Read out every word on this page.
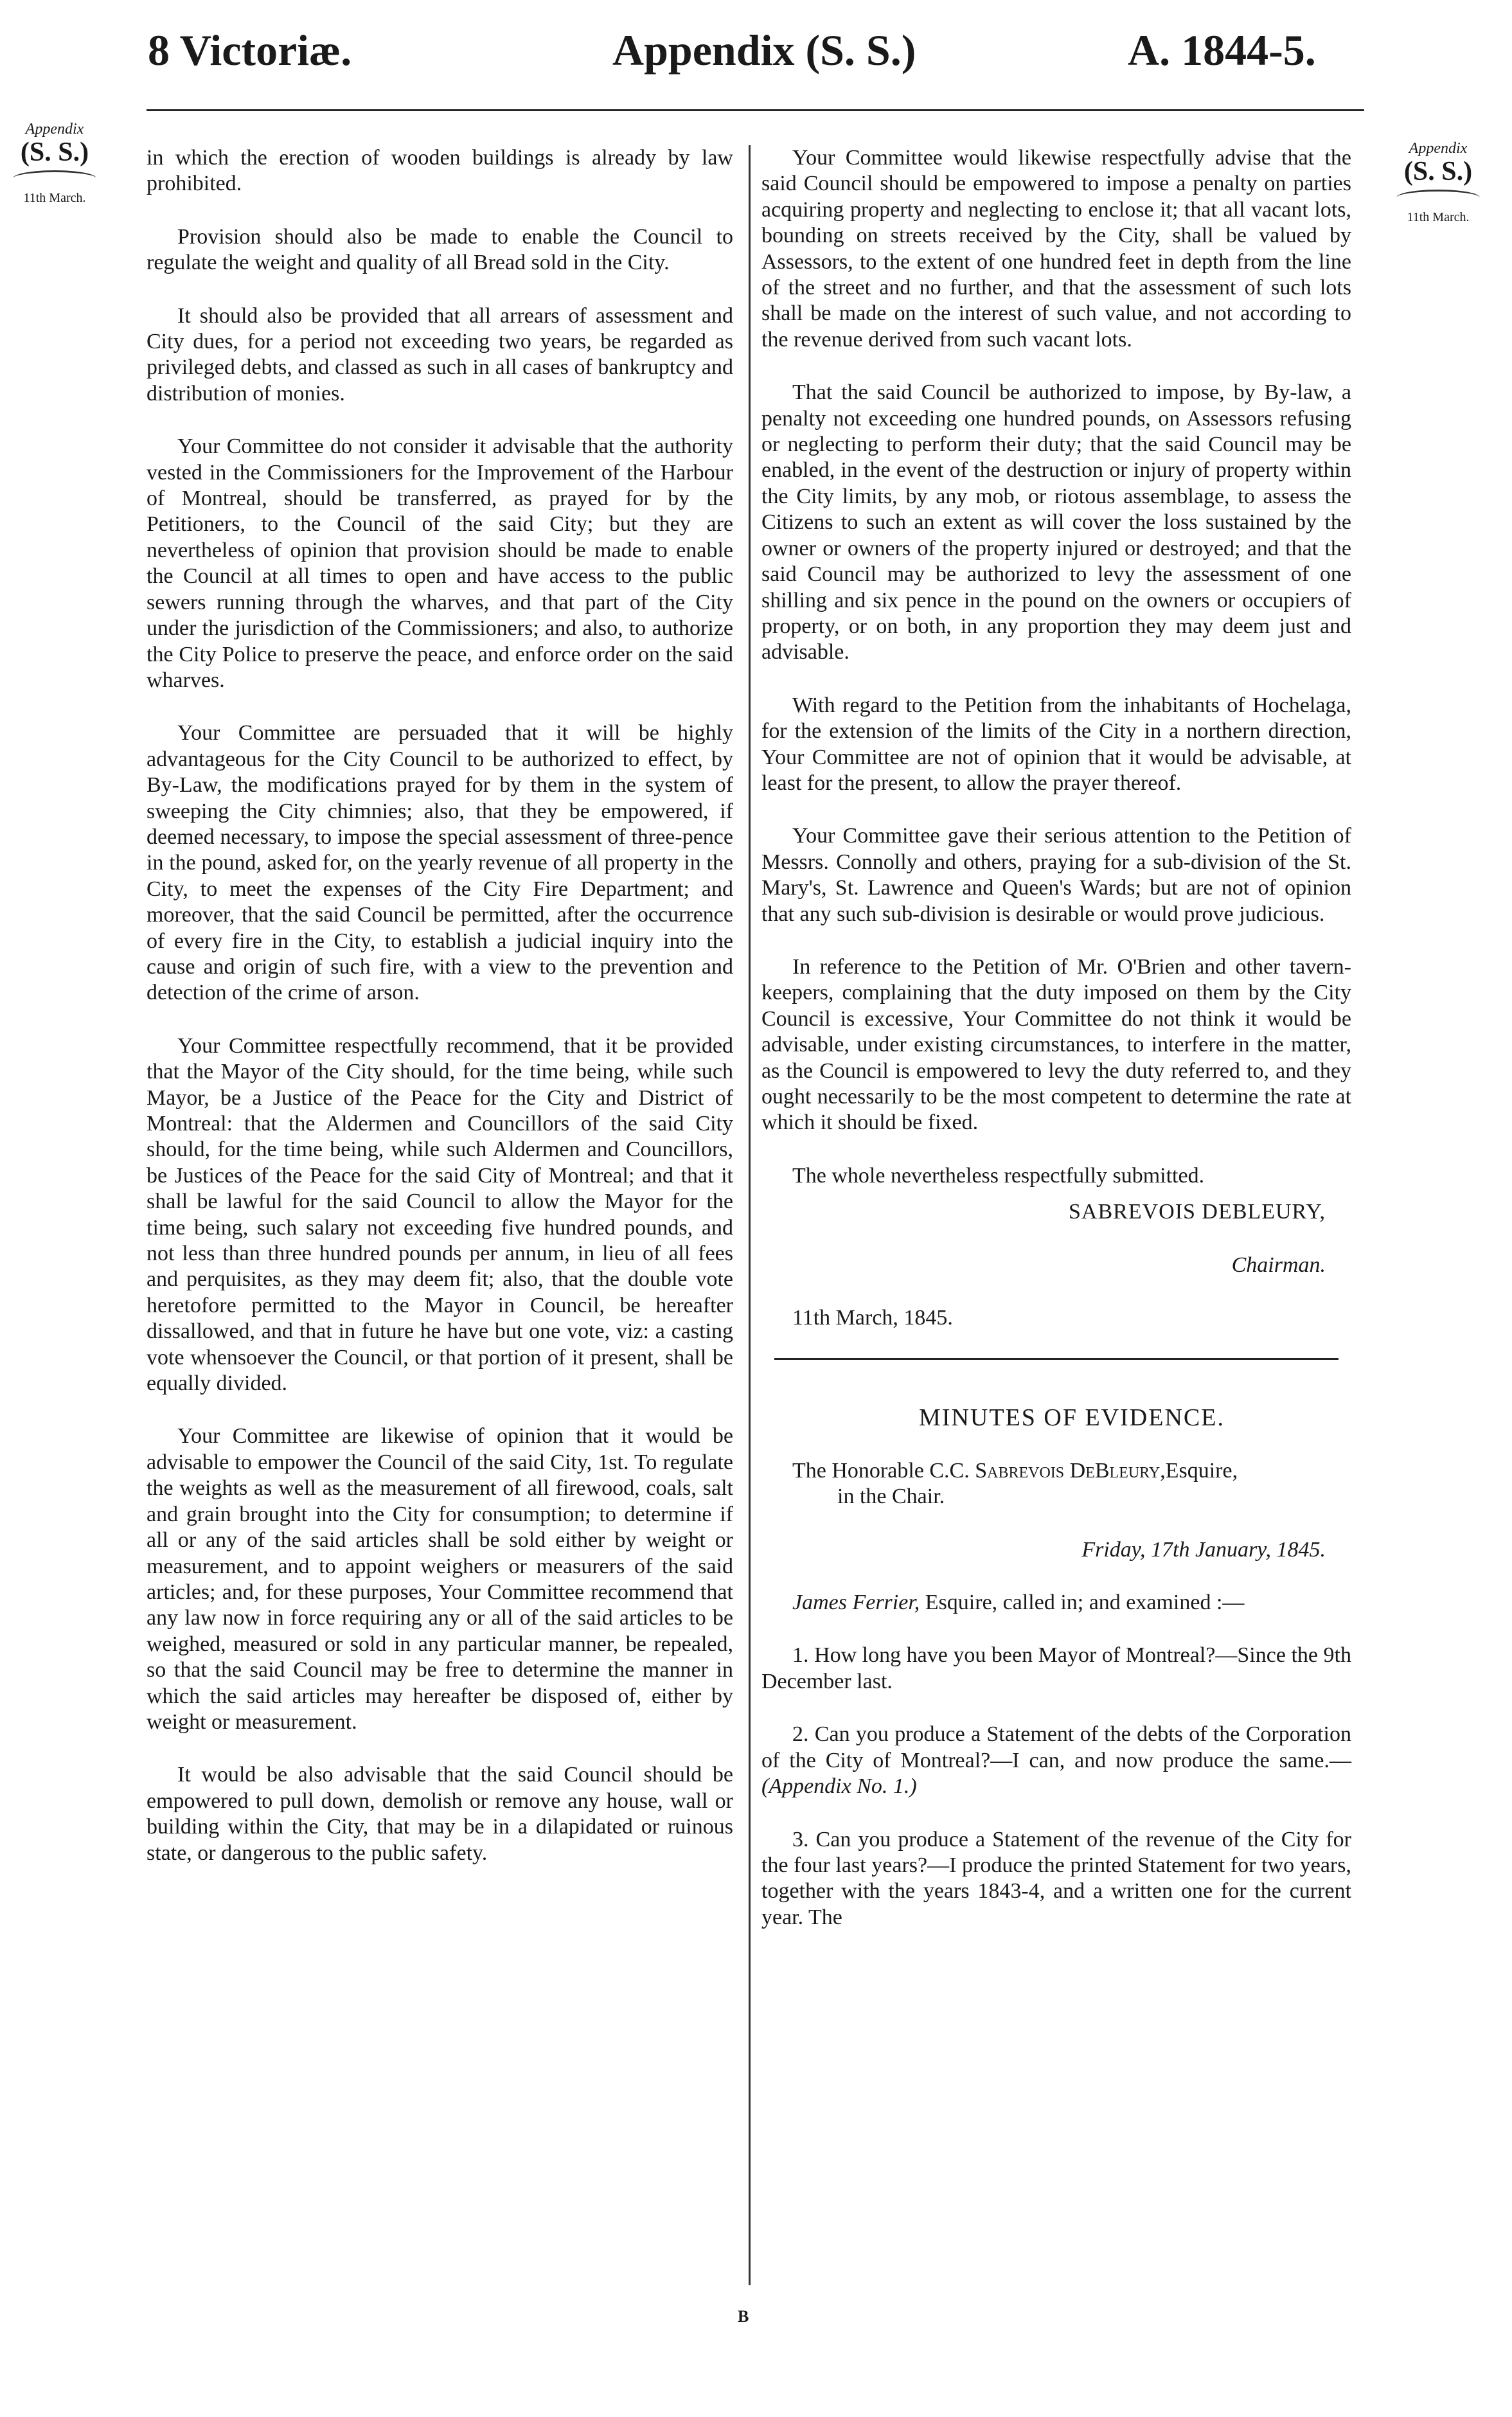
8 Victoriæ.	Appendix (S. S.)	A. 1844-5.
Appendix
(S. S.)
11th March.
Appendix
(S. S.)
11th March.

in which the erection of wooden buildings is already by law prohibited.

Provision should also be made to enable the Council to regulate the weight and quality of all Bread sold in the City.

It should also be provided that all arrears of assessment and City dues, for a period not exceeding two years, be regarded as privileged debts, and classed as such in all cases of bankruptcy and distribution of monies.

Your Committee do not consider it advisable that the authority vested in the Commissioners for the Improvement of the Harbour of Montreal, should be transferred, as prayed for by the Petitioners, to the Council of the said City; but they are nevertheless of opinion that provision should be made to enable the Council at all times to open and have access to the public sewers running through the wharves, and that part of the City under the jurisdiction of the Commissioners; and also, to authorize the City Police to preserve the peace, and enforce order on the said wharves.

Your Committee are persuaded that it will be highly advantageous for the City Council to be authorized to effect, by By-Law, the modifications prayed for by them in the system of sweeping the City chimnies; also, that they be empowered, if deemed necessary, to impose the special assessment of three-pence in the pound, asked for, on the yearly revenue of all property in the City, to meet the expenses of the City Fire Department; and moreover, that the said Council be permitted, after the occurrence of every fire in the City, to establish a judicial inquiry into the cause and origin of such fire, with a view to the prevention and detection of the crime of arson.

Your Committee respectfully recommend, that it be provided that the Mayor of the City should, for the time being, while such Mayor, be a Justice of the Peace for the City and District of Montreal: that the Aldermen and Councillors of the said City should, for the time being, while such Aldermen and Councillors, be Justices of the Peace for the said City of Montreal; and that it shall be lawful for the said Council to allow the Mayor for the time being, such salary not exceeding five hundred pounds, and not less than three hundred pounds per annum, in lieu of all fees and perquisites, as they may deem fit; also, that the double vote heretofore permitted to the Mayor in Council, be hereafter dissallowed, and that in future he have but one vote, viz: a casting vote whensoever the Council, or that portion of it present, shall be equally divided.

Your Committee are likewise of opinion that it would be advisable to empower the Council of the said City, 1st. To regulate the weights as well as the measurement of all firewood, coals, salt and grain brought into the City for consumption; to determine if all or any of the said articles shall be sold either by weight or measurement, and to appoint weighers or measurers of the said articles; and, for these purposes, Your Committee recommend that any law now in force requiring any or all of the said articles to be weighed, measured or sold in any particular manner, be repealed, so that the said Council may be free to determine the manner in which the said articles may hereafter be disposed of, either by weight or measurement.

It would be also advisable that the said Council should be empowered to pull down, demolish or remove any house, wall or building within the City, that may be in a dilapidated or ruinous state, or dangerous to the public safety.

Your Committee would likewise respectfully advise that the said Council should be empowered to impose a penalty on parties acquiring property and neglecting to enclose it; that all vacant lots, bounding on streets received by the City, shall be valued by Assessors, to the extent of one hundred feet in depth from the line of the street and no further, and that the assessment of such lots shall be made on the interest of such value, and not according to the revenue derived from such vacant lots.

That the said Council be authorized to impose, by By-law, a penalty not exceeding one hundred pounds, on Assessors refusing or neglecting to perform their duty; that the said Council may be enabled, in the event of the destruction or injury of property within the City limits, by any mob, or riotous assemblage, to assess the Citizens to such an extent as will cover the loss sustained by the owner or owners of the property injured or destroyed; and that the said Council may be authorized to levy the assessment of one shilling and six pence in the pound on the owners or occupiers of property, or on both, in any proportion they may deem just and advisable.

With regard to the Petition from the inhabitants of Hochelaga, for the extension of the limits of the City in a northern direction, Your Committee are not of opinion that it would be advisable, at least for the present, to allow the prayer thereof.

Your Committee gave their serious attention to the Petition of Messrs. Connolly and others, praying for a sub-division of the St. Mary's, St. Lawrence and Queen's Wards; but are not of opinion that any such sub-division is desirable or would prove judicious.

In reference to the Petition of Mr. O'Brien and other tavern-keepers, complaining that the duty imposed on them by the City Council is excessive, Your Committee do not think it would be advisable, under existing circumstances, to interfere in the matter, as the Council is empowered to levy the duty referred to, and they ought necessarily to be the most competent to determine the rate at which it should be fixed.

The whole nevertheless respectfully submitted.

SABREVOIS DEBLEURY,

Chairman.

11th March, 1845.

MINUTES OF EVIDENCE.

The Honorable C.C. Sabrevois DeBleury,Esquire,
in the Chair.

Friday, 17th January, 1845.

James Ferrier, Esquire, called in; and examined :—

1. How long have you been Mayor of Montreal?—Since the 9th December last.

2. Can you produce a Statement of the debts of the Corporation of the City of Montreal?—I can, and now produce the same.—(Appendix No. 1.)

3. Can you produce a Statement of the revenue of the City for the four last years?—I produce the printed Statement for two years, together with the years 1843-4, and a written one for the current year. The

B
